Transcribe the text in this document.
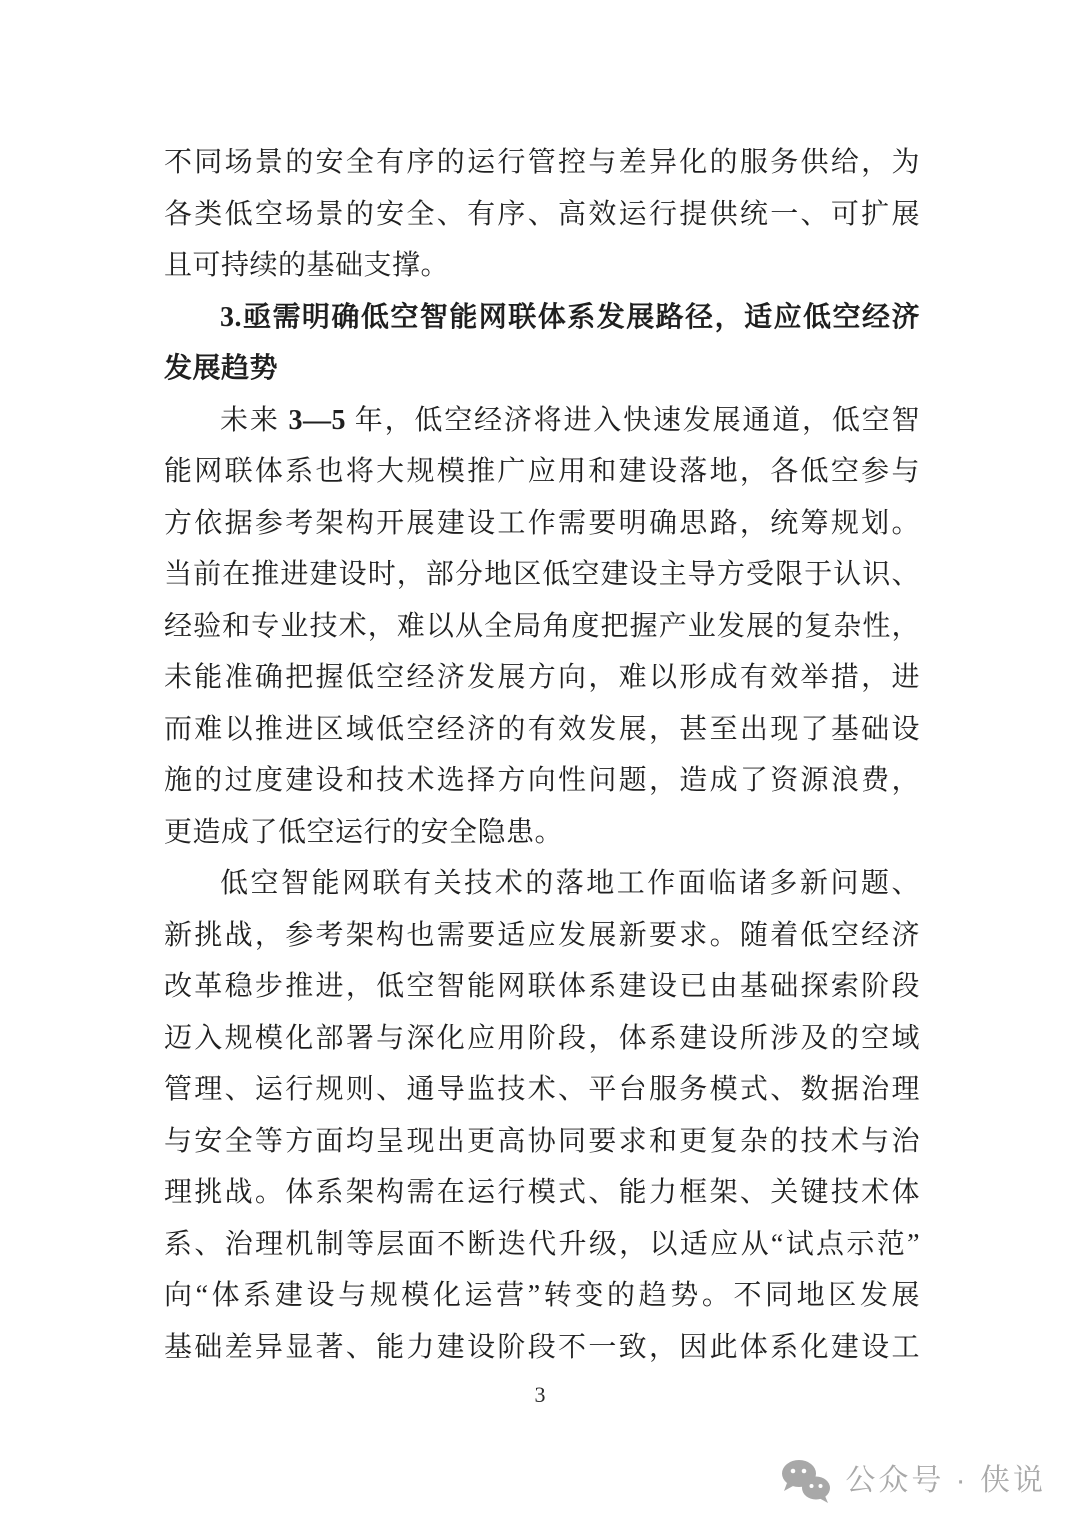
不同场景的安全有序的运行管控与差异化的服务供给，为
各类低空场景的安全、有序、高效运行提供统一、可扩展
且可持续的基础支撑。
3.亟需明确低空智能网联体系发展路径，适应低空经济
发展趋势
未来 3—5 年，低空经济将进入快速发展通道，低空智
能网联体系也将大规模推广应用和建设落地，各低空参与
方依据参考架构开展建设工作需要明确思路，统筹规划。
当前在推进建设时，部分地区低空建设主导方受限于认识、
经验和专业技术，难以从全局角度把握产业发展的复杂性，
未能准确把握低空经济发展方向，难以形成有效举措，进
而难以推进区域低空经济的有效发展，甚至出现了基础设
施的过度建设和技术选择方向性问题，造成了资源浪费，
更造成了低空运行的安全隐患。
低空智能网联有关技术的落地工作面临诸多新问题、
新挑战，参考架构也需要适应发展新要求。随着低空经济
改革稳步推进，低空智能网联体系建设已由基础探索阶段
迈入规模化部署与深化应用阶段，体系建设所涉及的空域
管理、运行规则、通导监技术、平台服务模式、数据治理
与安全等方面均呈现出更高协同要求和更复杂的技术与治
理挑战。体系架构需在运行模式、能力框架、关键技术体
系、治理机制等层面不断迭代升级，以适应从“试点示范”
向“体系建设与规模化运营”转变的趋势。不同地区发展
基础差异显著、能力建设阶段不一致，因此体系化建设工
3
公众号 · 侠说
